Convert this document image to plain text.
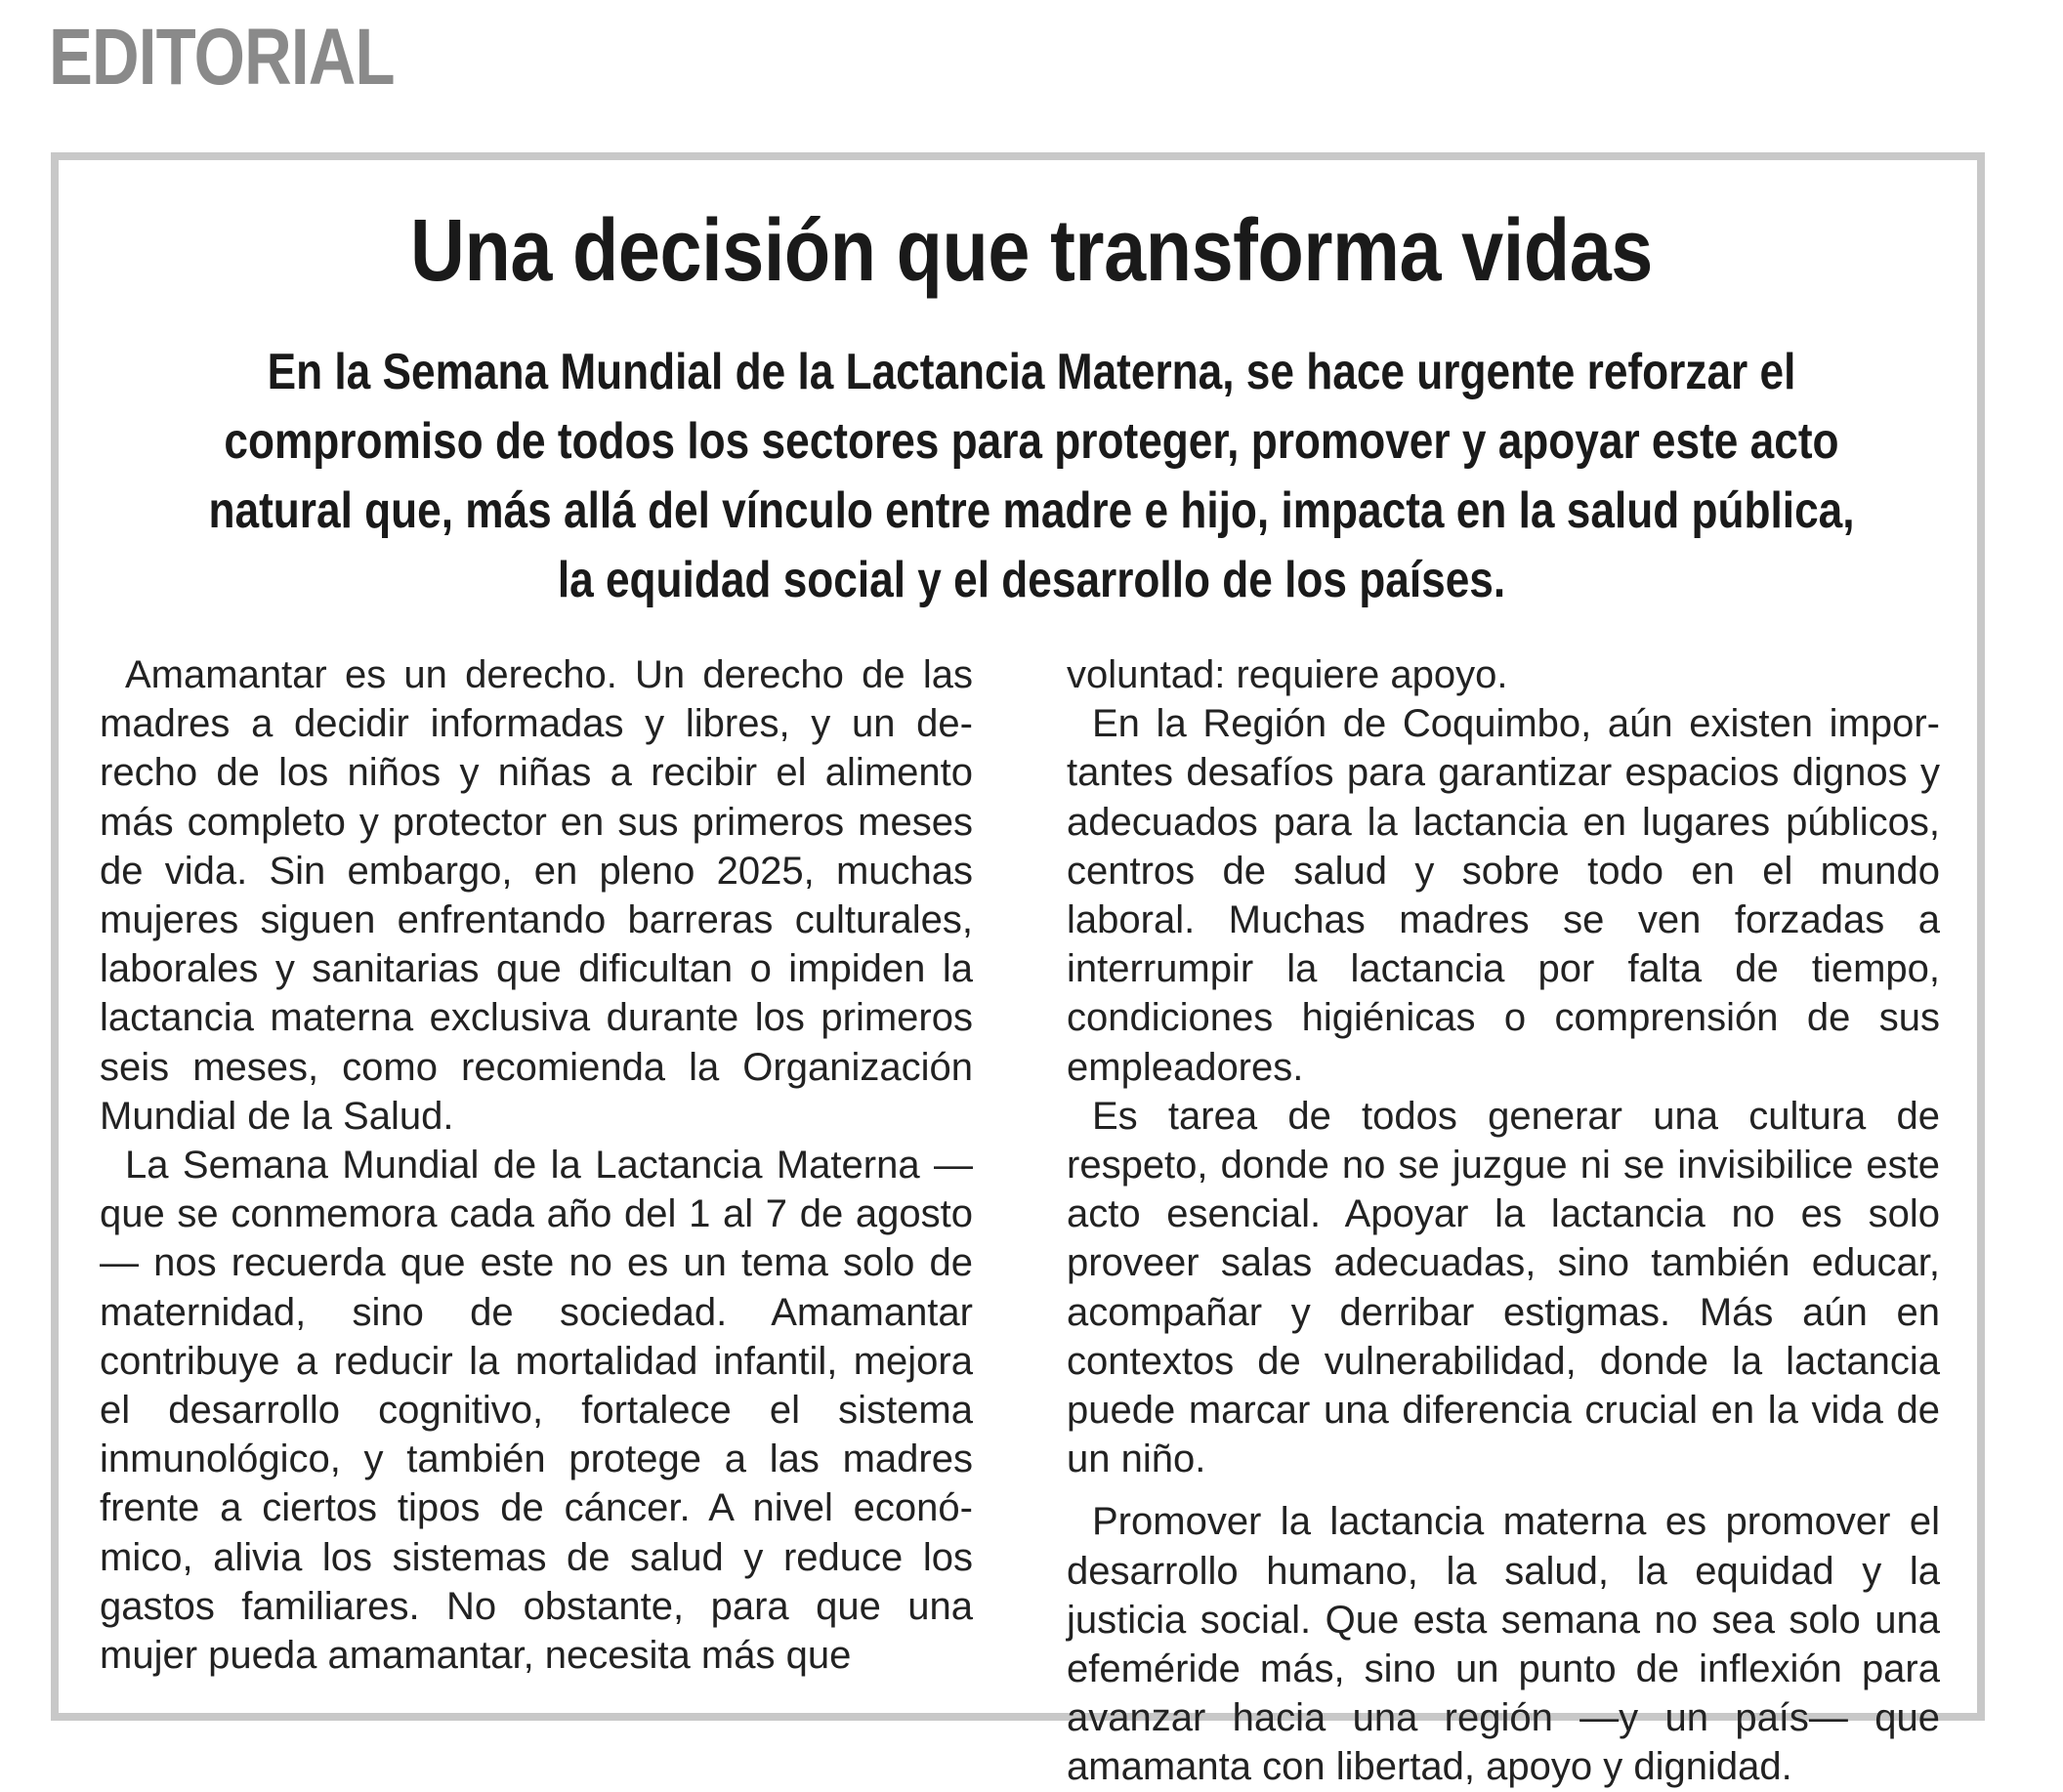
EDITORIAL
Una decisión que transforma vidas
En la Semana Mundial de la Lactancia Materna, se hace urgente reforzar el
compromiso de todos los sectores para proteger, promover y apoyar este acto
natural que, más allá del vínculo entre madre e hijo, impacta en la salud pública,
la equidad social y el desarrollo de los países.

Amamantar es un derecho. Un derecho de las madres a decidir informadas y libres, y un derecho de los niños y niñas a recibir el alimento más completo y protector en sus primeros meses de vida. Sin embargo, en pleno 2025, muchas mujeres siguen enfrentando barreras culturales, laborales y sanitarias que dificultan o impiden la lactancia materna exclusiva durante los primeros seis meses, como recomienda la Organización Mundial de la Salud.

La Semana Mundial de la Lactancia Materna —que se conmemora cada año del 1 al 7 de agosto— nos recuerda que este no es un tema solo de maternidad, sino de sociedad. Amamantar contribuye a reducir la mortalidad infantil, mejora el desarrollo cognitivo, fortalece el sistema inmunológico, y también protege a las madres frente a ciertos tipos de cáncer. A nivel económico, alivia los sistemas de salud y reduce los gastos familiares. No obstante, para que una mujer pueda amamantar, necesita más que

voluntad: requiere apoyo.

En la Región de Coquimbo, aún existen importantes desafíos para garantizar espacios dignos y adecuados para la lactancia en lugares públicos, centros de salud y sobre todo en el mundo laboral. Muchas madres se ven forzadas a interrumpir la lactancia por falta de tiempo, condiciones higiénicas o comprensión de sus empleadores.

Es tarea de todos generar una cultura de respeto, donde no se juzgue ni se invisibilice este acto esencial. Apoyar la lactancia no es solo proveer salas adecuadas, sino también educar, acompañar y derribar estigmas. Más aún en contextos de vulnerabilidad, donde la lactancia puede marcar una diferencia crucial en la vida de un niño.

Promover la lactancia materna es promover el desarrollo humano, la salud, la equidad y la justicia social. Que esta semana no sea solo una efeméride más, sino un punto de inflexión para avanzar hacia una región —y un país— que amamanta con libertad, apoyo y dignidad.
